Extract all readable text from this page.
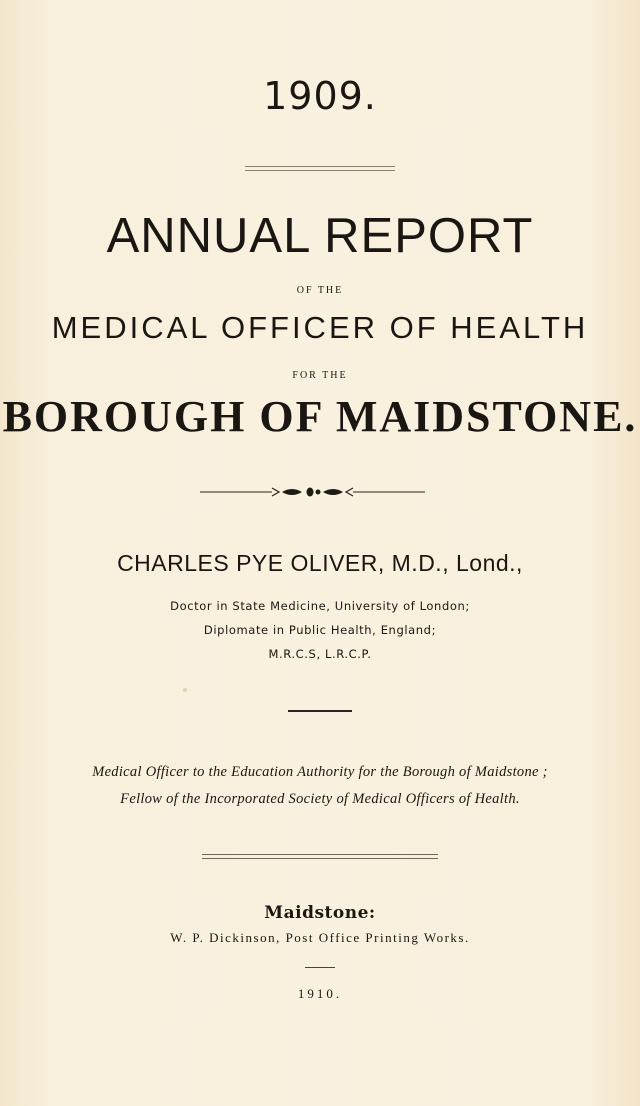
1909.
ANNUAL REPORT
OF THE
MEDICAL OFFICER OF HEALTH
FOR THE
BOROUGH OF MAIDSTONE.
CHARLES PYE OLIVER, M.D., Lond.,
Doctor in State Medicine, University of London;
Diplomate in Public Health, England;
M.R.C.S, L.R.C.P.
Medical Officer to the Education Authority for the Borough of Maidstone ;
Fellow of the Incorporated Society of Medical Officers of Health.
Maidstone:
W. P. Dickinson, Post Office Printing Works.
1910.
